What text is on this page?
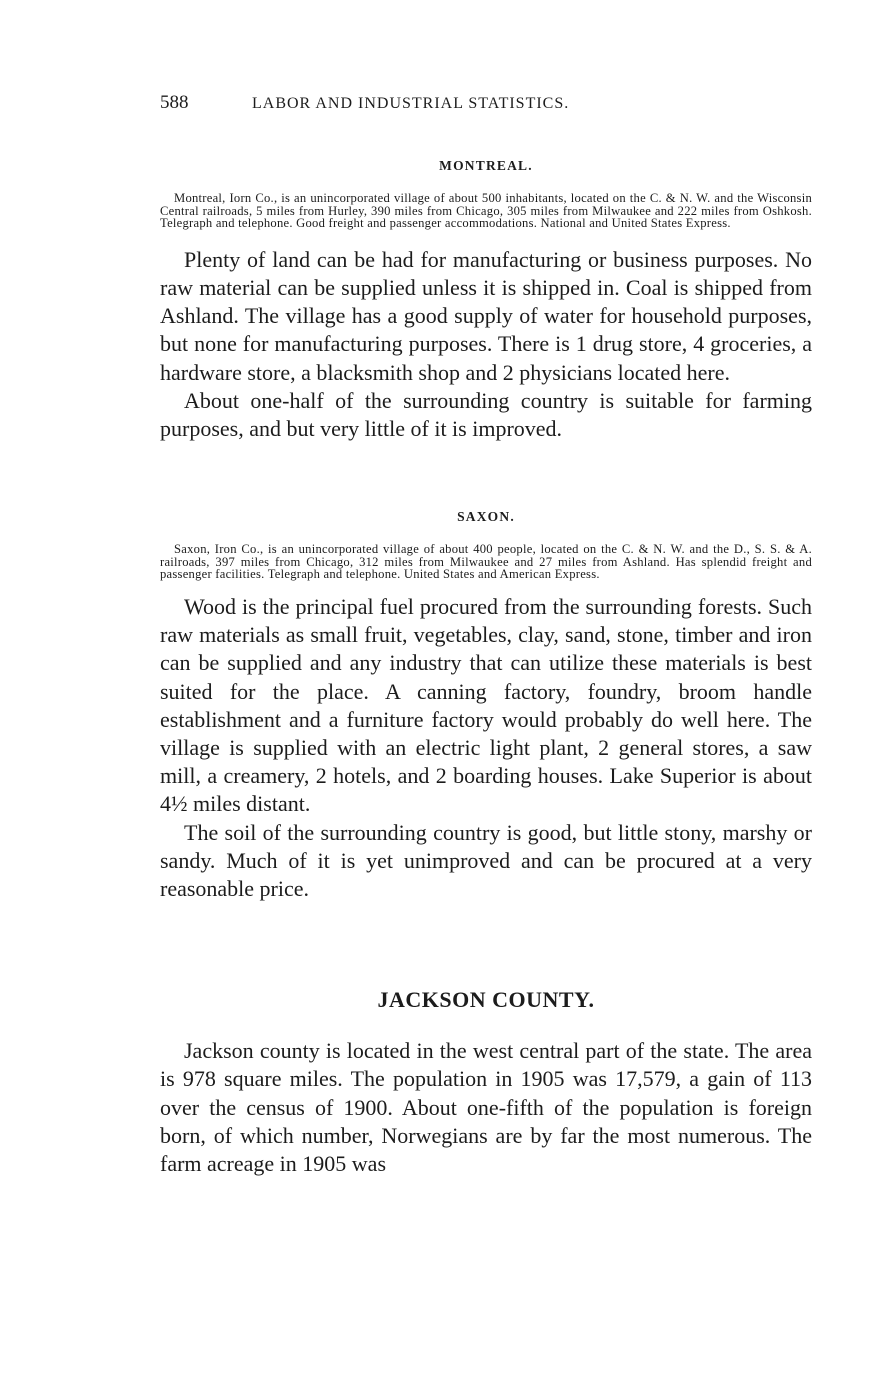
588	LABOR AND INDUSTRIAL STATISTICS.
MONTREAL.

Montreal, Iorn Co., is an unincorporated village of about 500 inhabitants, located on the C. & N. W. and the Wisconsin Central railroads, 5 miles from Hurley, 390 miles from Chicago, 305 miles from Milwaukee and 222 miles from Oshkosh. Telegraph and telephone. Good freight and passenger accommodations. National and United States Express.

Plenty of land can be had for manufacturing or business purposes. No raw material can be supplied unless it is shipped in. Coal is shipped from Ashland. The village has a good supply of water for household purposes, but none for manufacturing purposes. There is 1 drug store, 4 groceries, a hardware store, a blacksmith shop and 2 physicians located here.

About one-half of the surrounding country is suitable for farming purposes, and but very little of it is improved.

SAXON.

Saxon, Iron Co., is an unincorporated village of about 400 people, located on the C. & N. W. and the D., S. S. & A. railroads, 397 miles from Chicago, 312 miles from Milwaukee and 27 miles from Ashland. Has splendid freight and passenger facilities. Telegraph and telephone. United States and American Express.

Wood is the principal fuel procured from the surrounding forests. Such raw materials as small fruit, vegetables, clay, sand, stone, timber and iron can be supplied and any industry that can utilize these materials is best suited for the place. A canning factory, foundry, broom handle establishment and a furniture factory would probably do well here. The village is supplied with an electric light plant, 2 general stores, a saw mill, a creamery, 2 hotels, and 2 boarding houses. Lake Superior is about 4½ miles distant.

The soil of the surrounding country is good, but little stony, marshy or sandy. Much of it is yet unimproved and can be procured at a very reasonable price.

JACKSON COUNTY.

Jackson county is located in the west central part of the state. The area is 978 square miles. The population in 1905 was 17,579, a gain of 113 over the census of 1900. About one-fifth of the population is foreign born, of which number, Norwegians are by far the most numerous. The farm acreage in 1905 was
